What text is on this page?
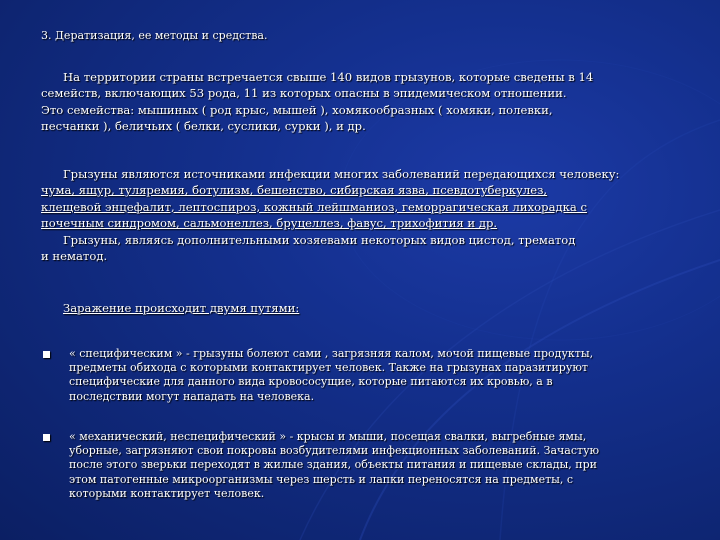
3. Дератизация, ее методы и средства.

На территории страны встречается свыше 140 видов грызунов, которые сведены в 14
семейств, включающих 53 рода, 11 из которых опасны в эпидемическом отношении.
Это семейства: мышиных ( род крыс, мышей ), хомякообразных ( хомяки, полевки,
песчанки ), беличьих ( белки, суслики, сурки ), и др.

Грызуны являются источниками инфекции многих заболеваний передающихся человеку:
чума, ящур, туляремия, ботулизм, бешенство, сибирская язва, псевдотуберкулез,
клещевой энцефалит, лептоспироз, кожный лейшманиоз, геморрагическая лихорадка с
почечным синдромом, сальмонеллез, бруцеллез, фавус, трихофития и др.
Грызуны, являясь дополнительными хозяевами некоторых видов цистод, трематод
и нематод.

Заражение происходит двумя путями:

« специфическим » - грызуны болеют сами , загрязняя калом, мочой пищевые продукты,
предметы обихода с которыми контактирует человек. Также на грызунах паразитируют
специфические для данного вида кровососущие, которые питаются их кровью, а в
последствии могут нападать на человека.
« механический, неспецифический » - крысы и мыши, посещая свалки, выгребные ямы,
уборные, загрязняют свои покровы возбудителями инфекционных заболеваний. Зачастую
после этого зверьки переходят в жилые здания, объекты питания и пищевые склады, при
этом патогенные микроорганизмы через шерсть и лапки переносятся на предметы, с
которыми контактирует человек.
